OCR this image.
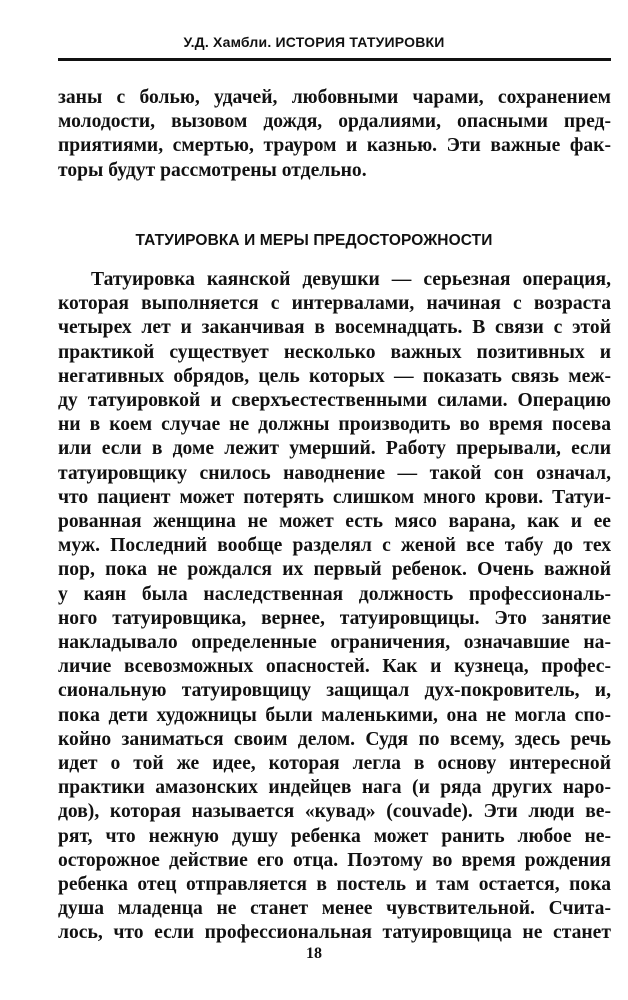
У.Д. Хамбли. ИСТОРИЯ ТАТУИРОВКИ
заны с болью, удачей, любовными чарами, сохранением
молодости, вызовом дождя, ордалиями, опасными пред-
приятиями, смертью, трауром и казнью. Эти важные фак-
торы будут рассмотрены отдельно.
ТАТУИРОВКА И МЕРЫ ПРЕДОСТОРОЖНОСТИ
Татуировка каянской девушки — серьезная операция,
которая выполняется с интервалами, начиная с возраста
четырех лет и заканчивая в восемнадцать. В связи с этой
практикой существует несколько важных позитивных и
негативных обрядов, цель которых — показать связь меж-
ду татуировкой и сверхъестественными силами. Операцию
ни в коем случае не должны производить во время посева
или если в доме лежит умерший. Работу прерывали, если
татуировщику снилось наводнение — такой сон означал,
что пациент может потерять слишком много крови. Татуи-
рованная женщина не может есть мясо варана, как и ее
муж. Последний вообще разделял с женой все табу до тех
пор, пока не рождался их первый ребенок. Очень важной
у каян была наследственная должность профессиональ-
ного татуировщика, вернее, татуировщицы. Это занятие
накладывало определенные ограничения, означавшие на-
личие всевозможных опасностей. Как и кузнеца, профес-
сиональную татуировщицу защищал дух-покровитель, и,
пока дети художницы были маленькими, она не могла спо-
койно заниматься своим делом. Судя по всему, здесь речь
идет о той же идее, которая легла в основу интересной
практики амазонских индейцев нага (и ряда других наро-
дов), которая называется «кувад» (couvade). Эти люди ве-
рят, что нежную душу ребенка может ранить любое не-
осторожное действие его отца. Поэтому во время рождения
ребенка отец отправляется в постель и там остается, пока
душа младенца не станет менее чувствительной. Счита-
лось, что если профессиональная татуировщица не станет
18
